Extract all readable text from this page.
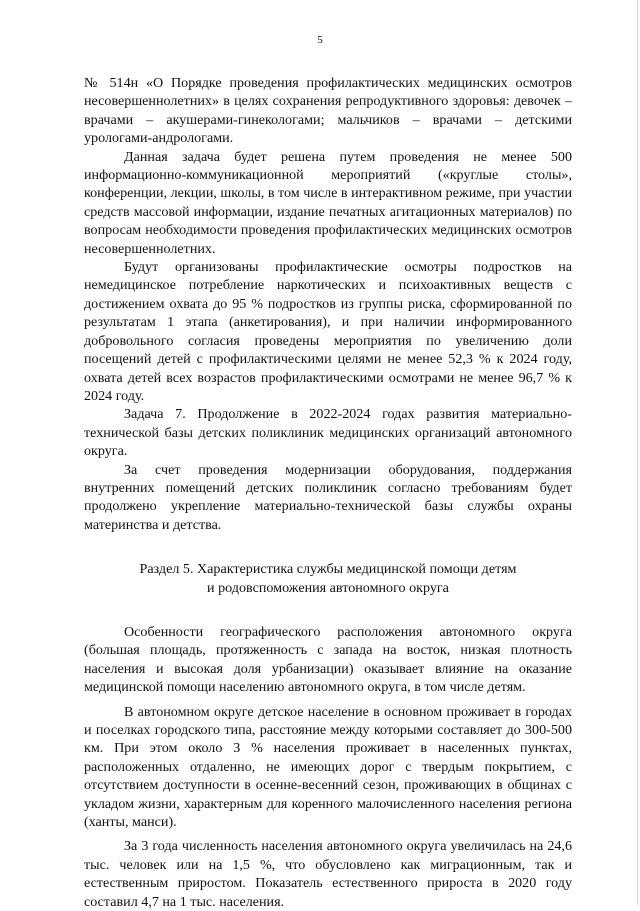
5

№ 514н «О Порядке проведения профилактических медицинских осмотров несовершеннолетних» в целях сохранения репродуктивного здоровья: девочек – врачами – акушерами-гинекологами; мальчиков – врачами – детскими урологами-андрологами.

Данная задача будет решена путем проведения не менее 500 информационно-коммуникационной мероприятий («круглые столы», конференции, лекции, школы, в том числе в интерактивном режиме, при участии средств массовой информации, издание печатных агитационных материалов) по вопросам необходимости проведения профилактических медицинских осмотров несовершеннолетних.

Будут организованы профилактические осмотры подростков на немедицинское потребление наркотических и психоактивных веществ с достижением охвата до 95 % подростков из группы риска, сформированной по результатам 1 этапа (анкетирования), и при наличии информированного добровольного согласия проведены мероприятия по увеличению доли посещений детей с профилактическими целями не менее 52,3 % к 2024 году, охвата детей всех возрастов профилактическими осмотрами не менее 96,7 % к 2024 году.

Задача 7. Продолжение в 2022-2024 годах развития материально-технической базы детских поликлиник медицинских организаций автономного округа.

За счет проведения модернизации оборудования, поддержания внутренних помещений детских поликлиник согласно требованиям будет продолжено укрепление материально-технической базы службы охраны материнства и детства.

Раздел 5. Характеристика службы медицинской помощи детям
и родовспоможения автономного округа

Особенности географического расположения автономного округа (большая площадь, протяженность с запада на восток, низкая плотность населения и высокая доля урбанизации) оказывает влияние на оказание медицинской помощи населению автономного округа, в том числе детям.

В автономном округе детское население в основном проживает в городах и поселках городского типа, расстояние между которыми составляет до 300-500 км. При этом около 3 % населения проживает в населенных пунктах, расположенных отдаленно, не имеющих дорог с твердым покрытием, с отсутствием доступности в осенне-весенний сезон, проживающих в общинах с укладом жизни, характерным для коренного малочисленного населения региона (ханты, манси).

За 3 года численность населения автономного округа увеличилась на 24,6 тыс. человек или на 1,5 %, что обусловлено как миграционным, так и естественным приростом. Показатель естественного прироста в 2020 году составил 4,7 на 1 тыс. населения.
